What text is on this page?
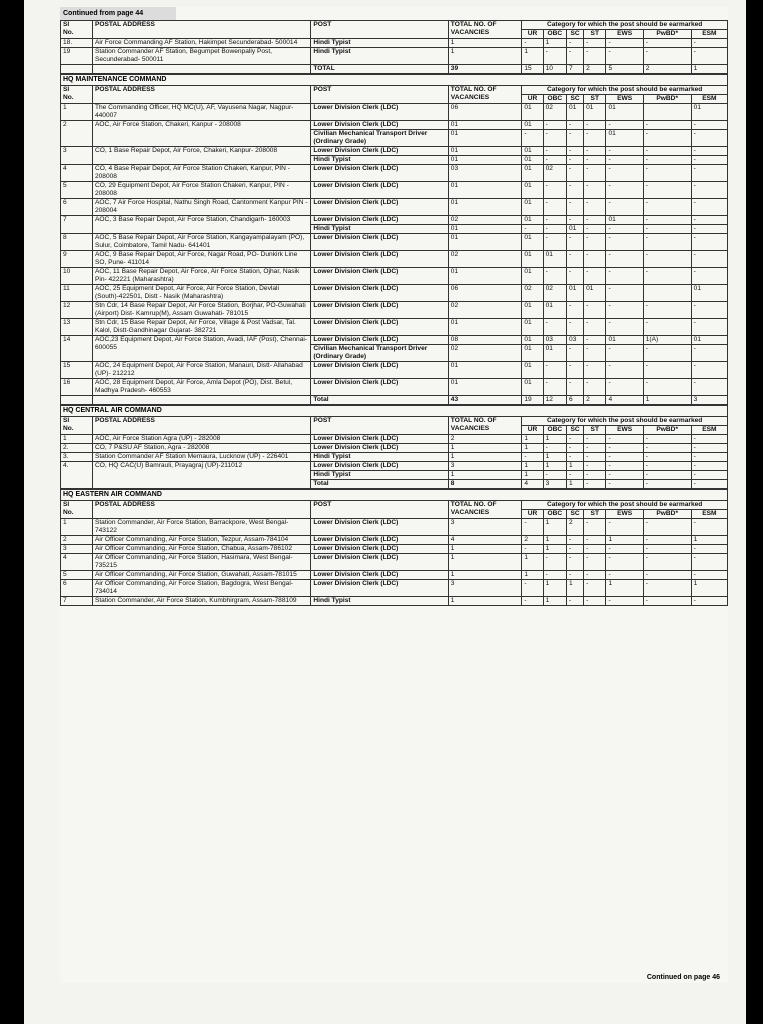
Continued from page 44
Sl
No.	POSTAL ADDRESS	POST	TOTAL NO. OF
VACANCIES	Category for which the post should be earmarked						
				UR	OBC	SC	ST	EWS	PwBD*	ESM
18.	Air Force Commanding AF Station, Hakimpet Secunderabad- 500014	Hindi Typist	1	-	1	-	-	-	-	-
19	Station Commander AF Station, Begumpet Bowenpally Post, Secunderabad- 500011	Hindi Typist	1	1	-	-	-	-	-	-
		TOTAL	39	15	10	7	2	5	2	1
HQ MAINTENANCE COMMAND
Sl
No.	POSTAL ADDRESS	POST	TOTAL NO. OF
VACANCIES	Category for which the post should be earmarked						
				UR	OBC	SC	ST	EWS	PwBD*	ESM
1	The Commanding Officer, HQ MC(U), AF, Vayusena Nagar, Nagpur- 440007	Lower Division Clerk (LDC)	06	01	02	01	01	01		01
2	AOC, Air Force Station, Chakeri, Kanpur - 208008	Lower Division Clerk (LDC)	01	01	-	-	-	-	-	-
		Civilian Mechanical Transport Driver (Ordinary Grade)	01	-	-	-	-	01	-	-
3	CO, 1 Base Repair Depot, Air Force, Chakeri, Kanpur- 208008	Lower Division Clerk (LDC)	01	01	-	-	-	-	-	-
		Hindi Typist	01	01	-	-	-	-	-	-
4	CO, 4 Base Repair Depot, Air Force Station Chakeri, Kanpur, PIN - 208008	Lower Division Clerk (LDC)	03	01	02	-	-	-	-	-
5	CO, 29 Equipment Depot, Air Force Station Chakeri, Kanpur, PIN - 208008	Lower Division Clerk (LDC)	01	01	-	-	-	-	-	-
6	AOC, 7 Air Force Hospital, Nathu Singh Road, Cantonment Kanpur PIN - 208004	Lower Division Clerk (LDC)	01	01	-	-	-	-	-	-
7	AOC, 3 Base Repair Depot, Air Force Station, Chandigarh- 160003	Lower Division Clerk (LDC)	02	01	-	-	-	01	-	-
		Hindi Typist	01	-	-	01	-	-	-	-
8	AOC, 5 Base Repair Depot, Air Force Station, Kangayampalayam (PO), Sulur, Coimbatore, Tamil Nadu- 641401	Lower Division Clerk (LDC)	01	01	-	-	-	-	-	-
9	AOC, 9 Base Repair Depot, Air Force, Nagar Road, PO- Dunkirk Line SO, Pune- 411014	Lower Division Clerk (LDC)	02	01	01	-	-	-	-	-
10	AOC, 11 Base Repair Depot, Air Force, Air Force Station, Ojhar, Nasik Pin- 422221 (Maharashtra)	Lower Division Clerk (LDC)	01	01	-	-	-	-	-	-
11	AOC, 25 Equipment Depot, Air Force, Air Force Station, Devlali (South)-422501, Distt - Nasik (Maharashtra)	Lower Division Clerk (LDC)	06	02	02	01	01	-		01
12	Stn Cdr, 14 Base Repair Depot, Air Force Station, Borjhar, PO-Guwahati (Airport) Dist- Kamrup(M), Assam Guwahati- 781015	Lower Division Clerk (LDC)	02	01	01	-	-	-	-	-
13	Stn Cdr, 15 Base Repair Depot, Air Force, Village & Post Vadsar, Tal. Kalol, Distt-Gandhinagar Gujarat- 382721	Lower Division Clerk (LDC)	01	01	-	-	-	-	-	-
14	AOC,23 Equipment Depot, Air Force Station, Avadi, IAF (Post), Chennai- 600055	Lower Division Clerk (LDC)	08	01	03	03	-	01	1(A)	01
		Civilian Mechanical Transport Driver (Ordinary Grade)	02	01	01	-	-	-	-	-
15	AOC, 24 Equipment Depot, Air Force Station, Manauri, Distt- Allahabad (UP)- 212212	Lower Division Clerk (LDC)	01	01	-	-	-	-	-	-
16	AOC, 28 Equipment Depot, Air Force, Amla Depot (PO), Dist. Betul, Madhya Pradesh- 460553	Lower Division Clerk (LDC)	01	01	-	-	-	-	-	-
		Total	43	19	12	6	2	4	1	3
HQ CENTRAL AIR COMMAND
Sl
No.	POSTAL ADDRESS	POST	TOTAL NO. OF
VACANCIES	Category for which the post should be earmarked						
				UR	OBC	SC	ST	EWS	PwBD*	ESM
1	AOC, Air Force Station Agra (UP) - 282008	Lower Division Clerk (LDC)	2	1	1	-	-	-	-	-
2.	CO, 7 P&SU AF Station, Agra - 282008	Lower Division Clerk (LDC)	1	1	-	-	-	-	-	-
3.	Station Commander AF Station Memaura, Lucknow (UP) - 226401	Hindi Typist	1	-	1	-	-	-	-	-
4.	CO, HQ CAC(U) Bamrauli, Prayagraj (UP)-211012	Lower Division Clerk (LDC)	3	1	1	1	-	-	-	-
		Hindi Typist	1	1	-	-	-	-	-	-
		Total	8	4	3	1	-	-	-	-
HQ EASTERN AIR COMMAND
Sl
No.	POSTAL ADDRESS	POST	TOTAL NO. OF
VACANCIES	Category for which the post should be earmarked						
				UR	OBC	SC	ST	EWS	PwBD*	ESM
1	Station Commander, Air Force Station, Barrackpore, West Bengal-743122	Lower Division Clerk (LDC)	3	-	1	2	-	-	-	-
2	Air Officer Commanding, Air Force Station, Tezpur, Assam-784104	Lower Division Clerk (LDC)	4	2	1	-	-	1	-	1
3	Air Officer Commanding, Air Force Station, Chabua, Assam-786102	Lower Division Clerk (LDC)	1	-	1	-	-	-	-	-
4	Air Officer Commanding, Air Force Station, Hasimara, West Bengal-735215	Lower Division Clerk (LDC)	1	1	-	-	-	-	-	-
5	Air Officer Commanding, Air Force Station, Guwahati, Assam-781015	Lower Division Clerk (LDC)	1	1	-	-	-	-	-	-
6	Air Officer Commanding, Air Force Station, Bagdogra, West Bengal-734014	Lower Division Clerk (LDC)	3	-	1	1	-	1	-	1
7	Station Commander, Air Force Station, Kumbhirgram, Assam-788109	Hindi Typist	1	-	1	-	-	-	-	-
Continued on page 46
